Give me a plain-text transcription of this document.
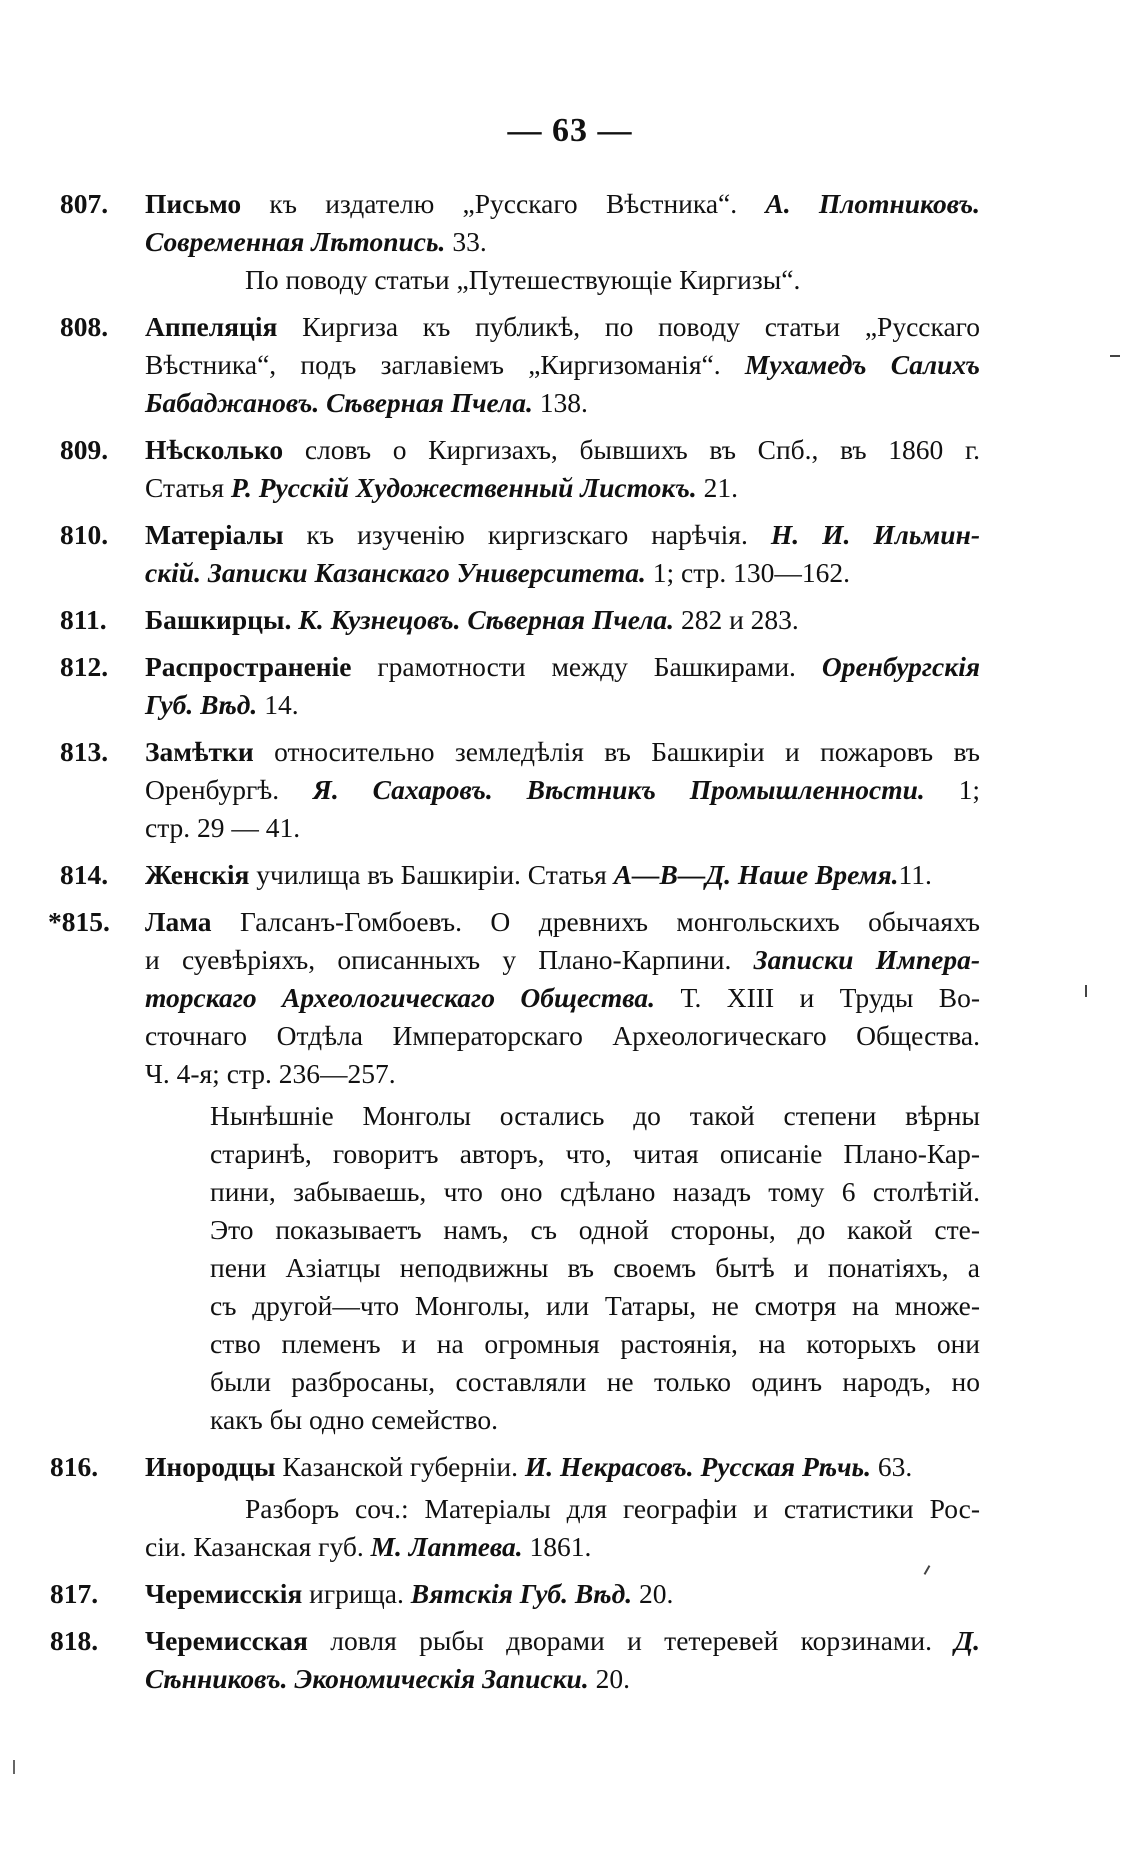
— 63 —
807.	Письмо къ издателю „Русскаго Вѣстника“. А. Плотниковъ.
Современная Лѣтопись. 33.
По поводу статьи „Путешествующіе Киргизы“.
808.	Аппеляція Киргиза къ публикѣ, по поводу статьи „Русскаго
Вѣстника“, подъ заглавіемъ „Киргизоманія“. Мухамедъ Салихъ
Бабаджановъ. Сѣверная Пчела. 138.
809.	Нѣсколько словъ о Киргизахъ, бывшихъ въ Спб., въ 1860 г.
Статья Р. Русскій Художественный Листокъ. 21.
810.	Матеріалы къ изученію киргизскаго нарѣчія. Н. И. Ильмин-
скій. Записки Казанскаго Университета. 1; стр. 130—162.
811.	Башкирцы. К. Кузнецовъ. Сѣверная Пчела. 282 и 283.
812.	Распространеніе грамотности между Башкирами. Оренбургскія
Губ. Вѣд. 14.
813.	Замѣтки относительно земледѣлія въ Башкиріи и пожаровъ въ
Оренбургѣ. Я. Сахаровъ. Вѣстникъ Промышленности. 1;
стр. 29 — 41.
814.	Женскія училища въ Башкиріи. Статья А—В—Д. Наше Время.11.
*815.	Лама Галсанъ-Гомбоевъ. О древнихъ монгольскихъ обычаяхъ
и суевѣріяхъ, описанныхъ у Плано-Карпини. Записки Импера-
торскаго Археологическаго Общества. Т. XIII и Труды Во-
сточнаго Отдѣла Императорскаго Археологическаго Общества.
Ч. 4-я; стр. 236—257.
Нынѣшніе Монголы остались до такой степени вѣрны
старинѣ, говоритъ авторъ, что, читая описаніе Плано-Кар-
пини, забываешь, что оно сдѣлано назадъ тому 6 столѣтій.
Это показываетъ намъ, съ одной стороны, до какой сте-
пени Азіатцы неподвижны въ своемъ бытѣ и понатіяхъ, а
съ другой—что Монголы, или Татары, не смотря на множе-
ство племенъ и на огромныя растоянія, на которыхъ они
были разбросаны, составляли не только одинъ народъ, но
какъ бы одно семейство.
816.	Инородцы Казанской губерніи. И. Некрасовъ. Русская Рѣчь. 63.
Разборъ соч.: Матеріалы для географіи и статистики Рос-
сіи. Казанская губ. М. Лаптева. 1861.
817.	Черемисскія игрища. Вятскія Губ. Вѣд. 20.
818.	Черемисская ловля рыбы дворами и тетеревей корзинами. Д.
Сѣнниковъ. Экономическія Записки. 20.
